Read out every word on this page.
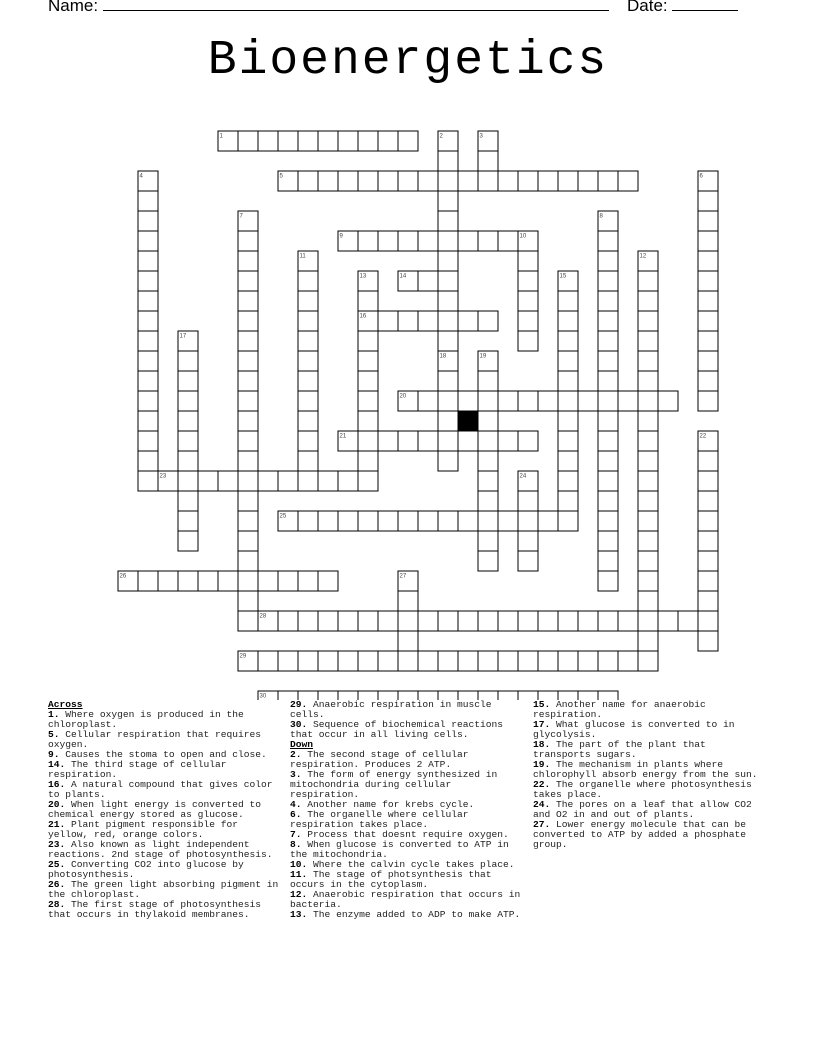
Name:	Date:
Bioenergetics
1	2	3
4	5	6
7	8
9	10
11	12
13	14	15
16
17
18	19
20
21	22
23	24
25
26	27
28
29
30
Across
1. Where oxygen is produced in the chloroplast.
5. Cellular respiration that requires oxygen.
9. Causes the stoma to open and close.
14. The third stage of cellular respiration.
16. A natural compound that gives color to plants.
20. When light energy is converted to chemical energy stored as glucose.
21. Plant pigment responsible for yellow, red, orange colors.
23. Also known as light independent reactions. 2nd stage of photosynthesis.
25. Converting CO2 into glucose by photosynthesis.
26. The green light absorbing pigment in the chloroplast.
28. The first stage of photosynthesis that occurs in thylakoid membranes.
29. Anaerobic respiration in muscle cells.
30. Sequence of biochemical reactions that occur in all living cells.
Down
2. The second stage of cellular respiration. Produces 2 ATP.
3. The form of energy synthesized in mitochondria during cellular respiration.
4. Another name for krebs cycle.
6. The organelle where cellular respiration takes place.
7. Process that doesnt require oxygen.
8. When glucose is converted to ATP in the mitochondria.
10. Where the calvin cycle takes place.
11. The stage of photsynthesis that occurs in the cytoplasm.
12. Anaerobic respiration that occurs in bacteria.
13. The enzyme added to ADP to make ATP.
15. Another name for anaerobic respiration.
17. What glucose is converted to in glycolysis.
18. The part of the plant that transports sugars.
19. The mechanism in plants where chlorophyll absorb energy from the sun.
22. The organelle where photosynthesis takes place.
24. The pores on a leaf that allow CO2 and O2 in and out of plants.
27. Lower energy molecule that can be converted to ATP by added a phosphate group.
